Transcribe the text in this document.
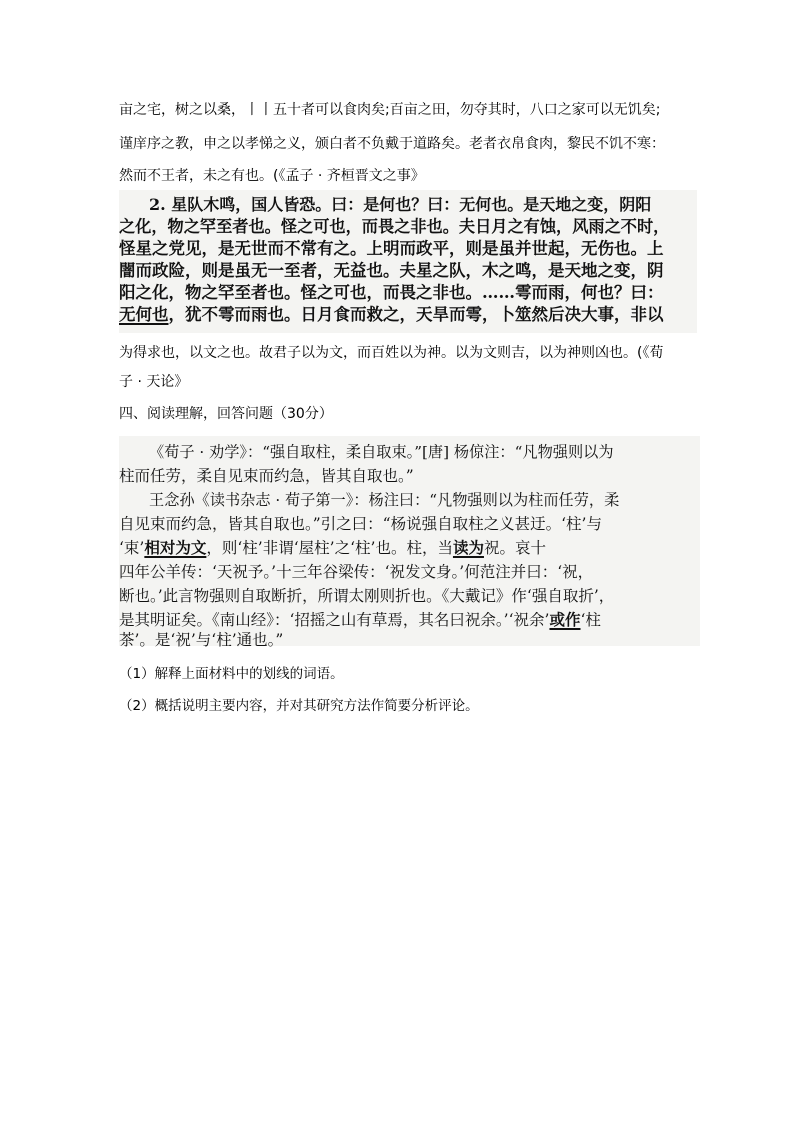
亩之宅，树之以桑，丨丨五十者可以食肉矣;百亩之田，勿夺其时，八口之家可以无饥矣;
谨庠序之教，申之以孝悌之义，颁白者不负戴于道路矣。老者衣帛食肉，黎民不饥不寒：
然而不王者，未之有也。(《孟子 · 齐桓晋文之事》
2. 星队木鸣，国人皆恐。曰：是何也？曰：无何也。是天地之变，阴阳
之化，物之罕至者也。怪之可也，而畏之非也。夫日月之有蚀，风雨之不时，
怪星之党见，是无世而不常有之。上明而政平，则是虽并世起，无伤也。上
闇而政险，则是虽无一至者，无益也。夫星之队，木之鸣，是天地之变，阴
阳之化，物之罕至者也。怪之可也，而畏之非也。……雩而雨，何也？曰：
无何也，犹不雩而雨也。日月食而救之，天旱而雩，卜筮然后决大事，非以
为得求也，以文之也。故君子以为文，而百姓以为神。以为文则吉，以为神则凶也。(《荀
子 · 天论》
四、阅读理解，回答问题（30分）
《荀子 · 劝学》：“强自取柱，柔自取束。”[唐] 杨倞注：“凡物强则以为
柱而任劳，柔自见束而约急，皆其自取也。”
王念孙《读书杂志 · 荀子第一》：杨注曰：“凡物强则以为柱而任劳，柔
自见束而约急，皆其自取也。”引之曰：“杨说强自取柱之义甚迂。‘柱’与
‘束’相对为文，则‘柱’非谓‘屋柱’之‘柱’也。柱，当读为祝。哀十
四年公羊传：‘天祝予。’十三年谷梁传：‘祝发文身。’何范注并曰：‘祝，
断也。’此言物强则自取断折，所谓太刚则折也。《大戴记》作‘强自取折’，
是其明证矣。《南山经》：‘招摇之山有草焉，其名曰祝余。’‘祝余’或作‘柱
茶’。是‘祝’与‘柱’通也。”
（1）解释上面材料中的划线的词语。
（2）概括说明主要内容，并对其研究方法作简要分析评论。
